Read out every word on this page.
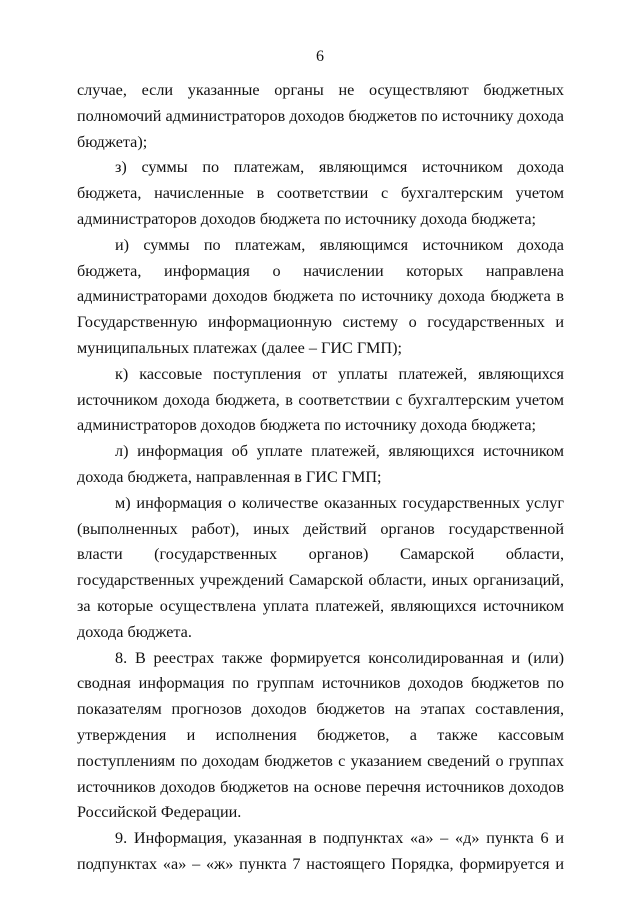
6

случае, если указанные органы не осуществляют бюджетных полномочий администраторов доходов бюджетов по источнику дохода бюджета);

з) суммы по платежам, являющимся источником дохода бюджета, начисленные в соответствии с бухгалтерским учетом администраторов доходов бюджета по источнику дохода бюджета;

и) суммы по платежам, являющимся источником дохода бюджета, информация о начислении которых направлена администраторами доходов бюджета по источнику дохода бюджета в Государственную информационную систему о государственных и муниципальных платежах (далее – ГИС ГМП);

к) кассовые поступления от уплаты платежей, являющихся источником дохода бюджета, в соответствии с бухгалтерским учетом администраторов доходов бюджета по источнику дохода бюджета;

л) информация об уплате платежей, являющихся источником дохода бюджета, направленная в ГИС ГМП;

м) информация о количестве оказанных государственных услуг (выполненных работ), иных действий органов государственной власти (государственных органов) Самарской области, государственных учреждений Самарской области, иных организаций, за которые осуществлена уплата платежей, являющихся источником дохода бюджета.

8. В реестрах также формируется консолидированная и (или) сводная информация по группам источников доходов бюджетов по показателям прогнозов доходов бюджетов на этапах составления, утверждения и исполнения бюджетов, а также кассовым поступлениям по доходам бюджетов с указанием сведений о группах источников доходов бюджетов на основе перечня источников доходов Российской Федерации.

9. Информация, указанная в подпунктах «а» – «д» пункта 6 и подпунктах «а» – «ж» пункта 7 настоящего Порядка, формируется и
